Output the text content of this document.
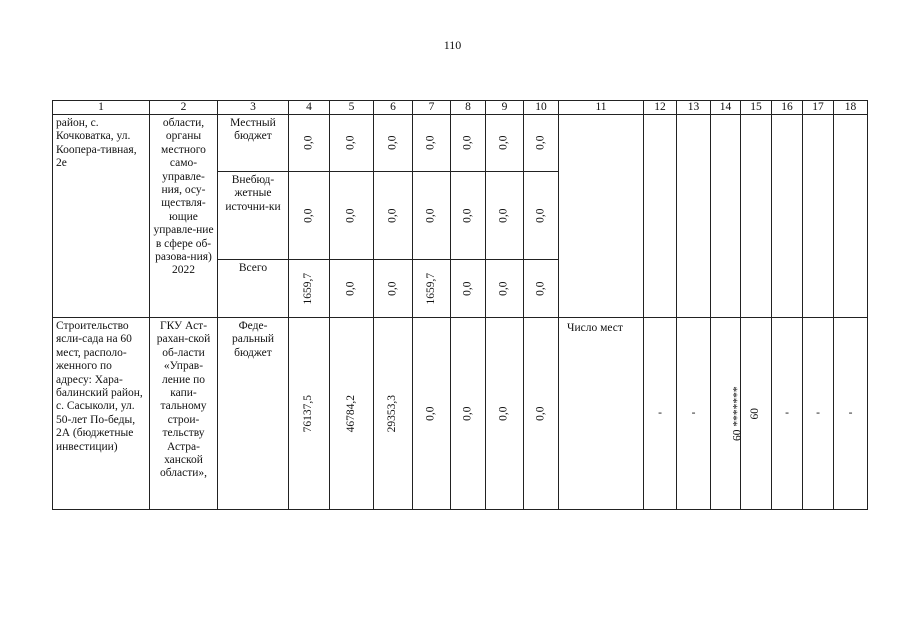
110
1	2	3	4	5	6	7	8	9	10	11	12	13	14	15	16	17	18
район, с. Кочковатка, ул. Коопера-тивная, 2е	области, органы местного само-управле-ния, осу-ществля-ющие управле-ние в сфере об-разова-ния) 2022	Местный бюджет	0,0	0,0	0,0	0,0	0,0	0,0	0,0								
		Внебюд-жетные источни-ки	0,0	0,0	0,0	0,0	0,0	0,0	0,0								
		Всего	1659,7	0,0	0,0	1659,7	0,0	0,0	0,0								
Строительство ясли-сада на 60 мест, располо-женного по адресу: Хара-балинский район, с. Сасыколи, ул. 50-лет По-беды, 2А (бюджетные инвестиции)	ГКУ Аст-рахан-ской об-ласти «Управ-ление по капи-тальному строи-тельству Астра-ханской области»,	Феде-ральный бюджет	76137,5	46784,2	29353,3	0,0	0,0	0,0	0,0	Число мест	-	-	60 *******	60	-	-	-
